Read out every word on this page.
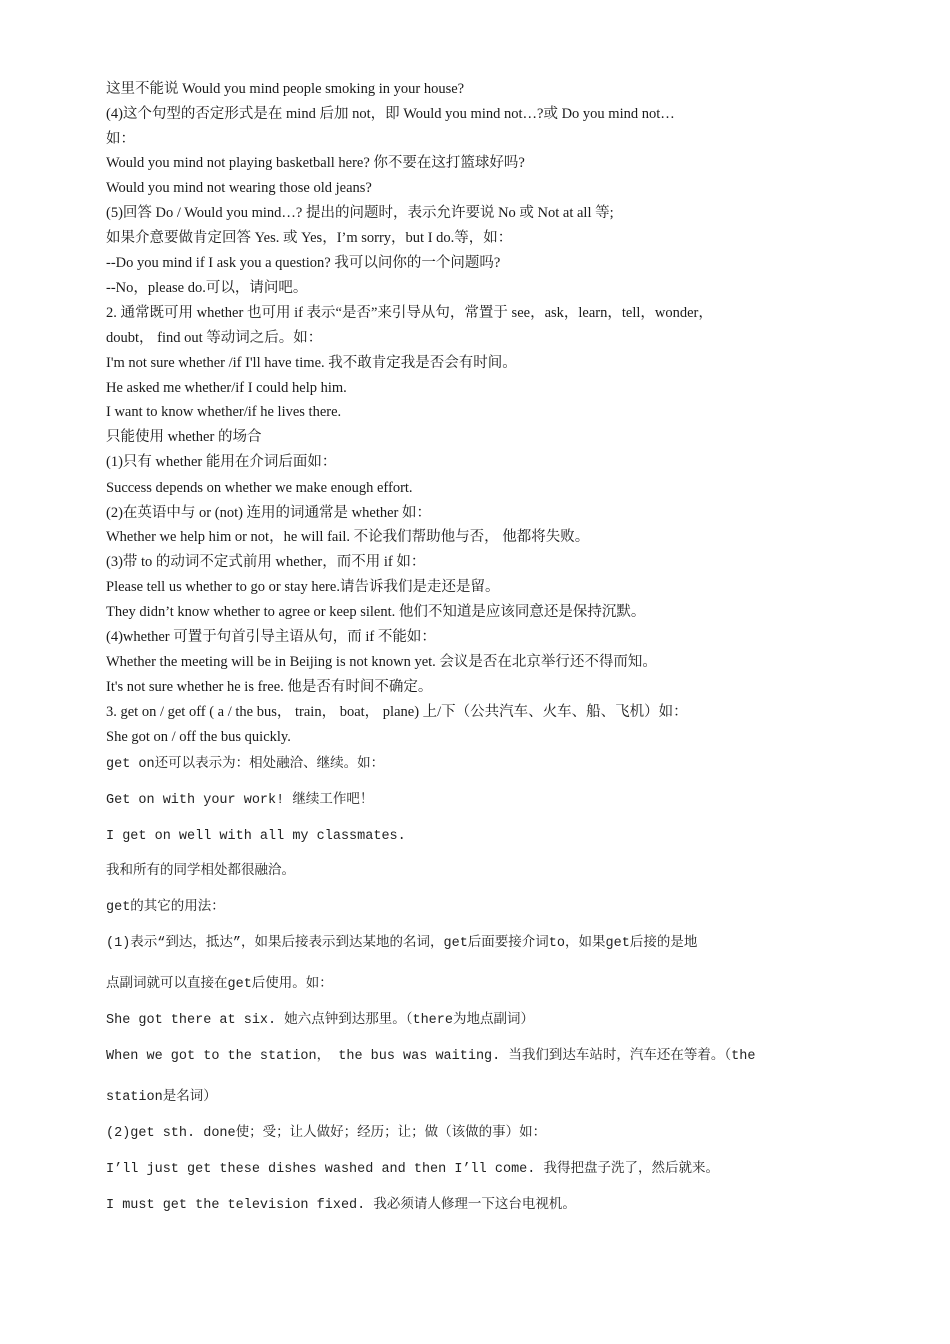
这里不能说 Would you mind people smoking in your house?
(4)这个句型的否定形式是在 mind 后加 not，即 Would you mind not…?或 Do you mind not…
如：
Would you mind not playing basketball here? 你不要在这打篮球好吗?
Would you mind not wearing those old jeans?
(5)回答 Do / Would you mind…? 提出的问题时，表示允许要说 No 或 Not at all 等;
如果介意要做肯定回答 Yes. 或 Yes，I’m sorry，but I do.等，如：
--Do you mind if I ask you a question? 我可以问你的一个问题吗?
--No，please do.可以，请问吧。
2. 通常既可用 whether 也可用 if 表示“是否”来引导从句，常置于 see，ask，learn，tell，wonder，
doubt， find out 等动词之后。如：
I'm not sure whether /if I'll have time. 我不敢肯定我是否会有时间。
He asked me whether/if I could help him.
I want to know whether/if he lives there.
只能使用 whether 的场合
(1)只有 whether 能用在介词后面如：
Success depends on whether we make enough effort.
(2)在英语中与 or (not) 连用的词通常是 whether 如：
Whether we help him or not，he will fail. 不论我们帮助他与否， 他都将失败。
(3)带 to 的动词不定式前用 whether，而不用 if 如：
Please tell us whether to go or stay here.请告诉我们是走还是留。
They didn’t know whether to agree or keep silent. 他们不知道是应该同意还是保持沉默。
(4)whether 可置于句首引导主语从句，而 if 不能如：
Whether the meeting will be in Beijing is not known yet. 会议是否在北京举行还不得而知。
It's not sure whether he is free. 他是否有时间不确定。
3. get on / get off ( a / the bus， train， boat， plane) 上/下（公共汽车、火车、船、飞机）如：
She got on / off the bus quickly.
get on还可以表示为：相处融洽、继续。如：
Get on with your work! 继续工作吧！
I get on well with all my classmates.
我和所有的同学相处都很融洽。
get的其它的用法：
(1)表示“到达，抵达”，如果后接表示到达某地的名词，get后面要接介词to，如果get后接的是地
点副词就可以直接在get后使用。如：
She got there at six. 她六点钟到达那里。（there为地点副词）
When we got to the station， the bus was waiting. 当我们到达车站时，汽车还在等着。（the
station是名词）
(2)get sth. done使；受；让人做好；经历；让；做（该做的事）如：
I’ll just get these dishes washed and then I’ll come. 我得把盘子洗了，然后就来。
I must get the television fixed. 我必须请人修理一下这台电视机。
